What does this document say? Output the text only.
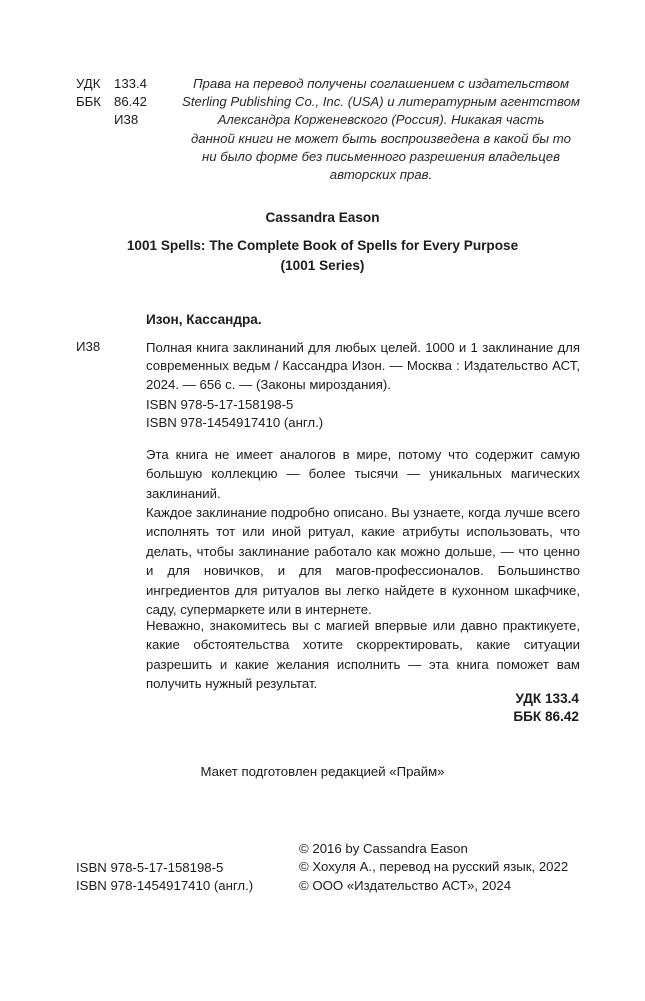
УДК	133.4
ББК 86.42
И38
Права на перевод получены соглашением с издательством
Sterling Publishing Co., Inc. (USA) и литературным агентством
Александра Корженевского (Россия). Никакая часть
данной книги не может быть воспроизведена в какой бы то
ни было форме без письменного разрешения владельцев
авторских прав.
Cassandra Eason
1001 Spells: The Complete Book of Spells for Every Purpose
(1001 Series)
Изон, Кассандра.
И38	Полная книга заклинаний для любых целей. 1000 и 1 заклинание для современных ведьм / Кассандра Изон. — Москва : Издательство АСТ, 2024. — 656 с. — (Законы мироздания).
ISBN 978-5-17-158198-5
ISBN 978-1454917410 (англ.)
Эта книга не имеет аналогов в мире, потому что содержит самую большую коллекцию — более тысячи — уникальных магических заклинаний.
Каждое заклинание подробно описано. Вы узнаете, когда лучше всего исполнять тот или иной ритуал, какие атрибуты использовать, что делать, чтобы заклинание работало как можно дольше, — что ценно и для новичков, и для магов-профессионалов. Большинство ингредиентов для ритуалов вы легко найдете в кухонном шкафчике, саду, супермаркете или в интернете.
Неважно, знакомитесь вы с магией впервые или давно практикуете, какие обстоятельства хотите скорректировать, какие ситуации разрешить и какие желания исполнить — эта книга поможет вам получить нужный результат.
УДК 133.4
ББК 86.42
Макет подготовлен редакцией «Прайм»
ISBN 978-5-17-158198-5
ISBN 978-1454917410 (англ.)
© 2016 by Cassandra Eason
© Хохуля А., перевод на русский язык, 2022
© ООО «Издательство АСТ», 2024
